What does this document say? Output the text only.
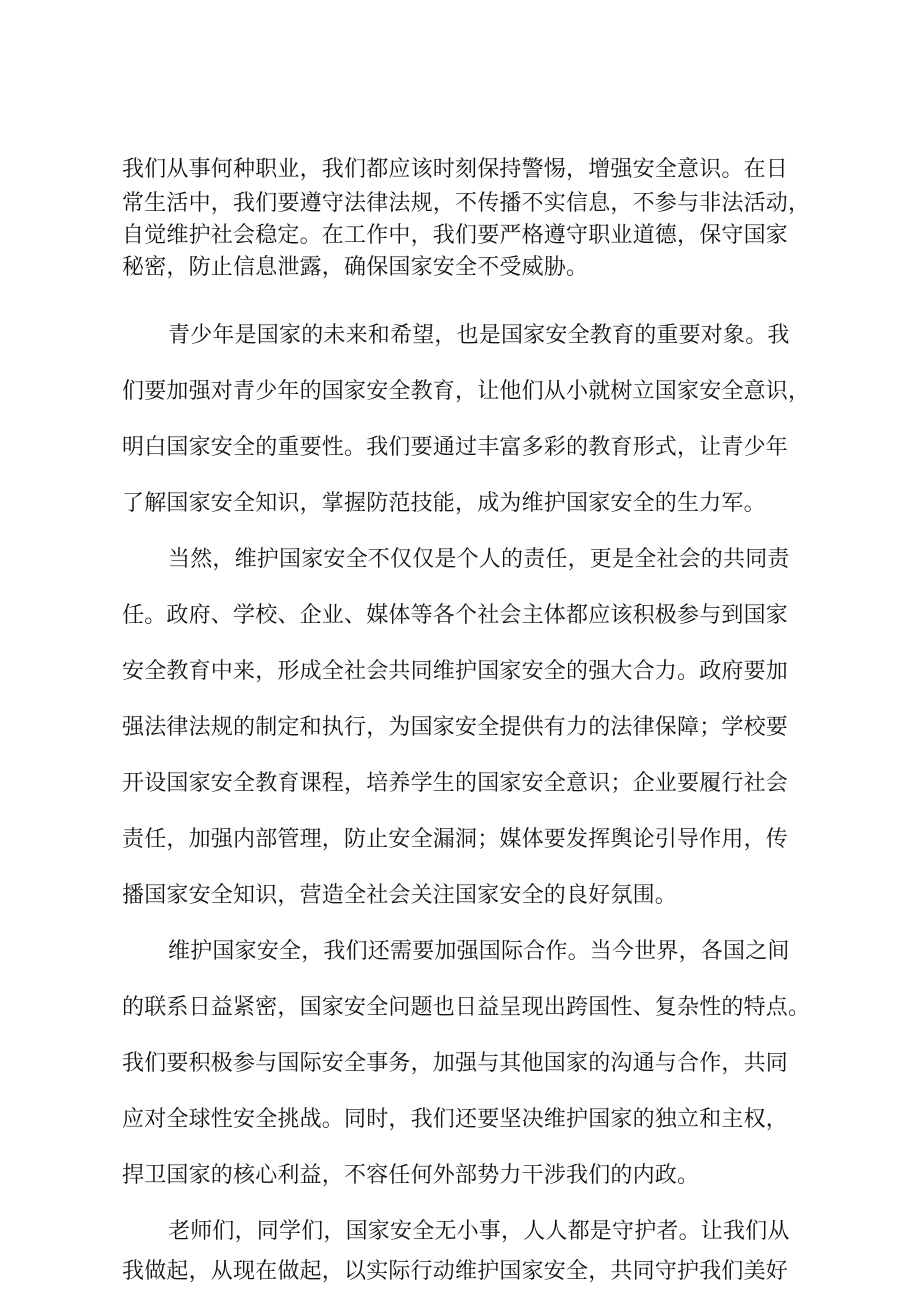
我们从事何种职业，我们都应该时刻保持警惕，增强安全意识。在日
常生活中，我们要遵守法律法规，不传播不实信息，不参与非法活动，
自觉维护社会稳定。在工作中，我们要严格遵守职业道德，保守国家
秘密，防止信息泄露，确保国家安全不受威胁。
青少年是国家的未来和希望，也是国家安全教育的重要对象。我
们要加强对青少年的国家安全教育，让他们从小就树立国家安全意识，
明白国家安全的重要性。我们要通过丰富多彩的教育形式，让青少年
了解国家安全知识，掌握防范技能，成为维护国家安全的生力军。
当然，维护国家安全不仅仅是个人的责任，更是全社会的共同责
任。政府、学校、企业、媒体等各个社会主体都应该积极参与到国家
安全教育中来，形成全社会共同维护国家安全的强大合力。政府要加
强法律法规的制定和执行，为国家安全提供有力的法律保障；学校要
开设国家安全教育课程，培养学生的国家安全意识；企业要履行社会
责任，加强内部管理，防止安全漏洞；媒体要发挥舆论引导作用，传
播国家安全知识，营造全社会关注国家安全的良好氛围。
维护国家安全，我们还需要加强国际合作。当今世界，各国之间
的联系日益紧密，国家安全问题也日益呈现出跨国性、复杂性的特点。
我们要积极参与国际安全事务，加强与其他国家的沟通与合作，共同
应对全球性安全挑战。同时，我们还要坚决维护国家的独立和主权，
捍卫国家的核心利益，不容任何外部势力干涉我们的内政。
老师们，同学们，国家安全无小事，人人都是守护者。让我们从
我做起，从现在做起，以实际行动维护国家安全，共同守护我们美好
